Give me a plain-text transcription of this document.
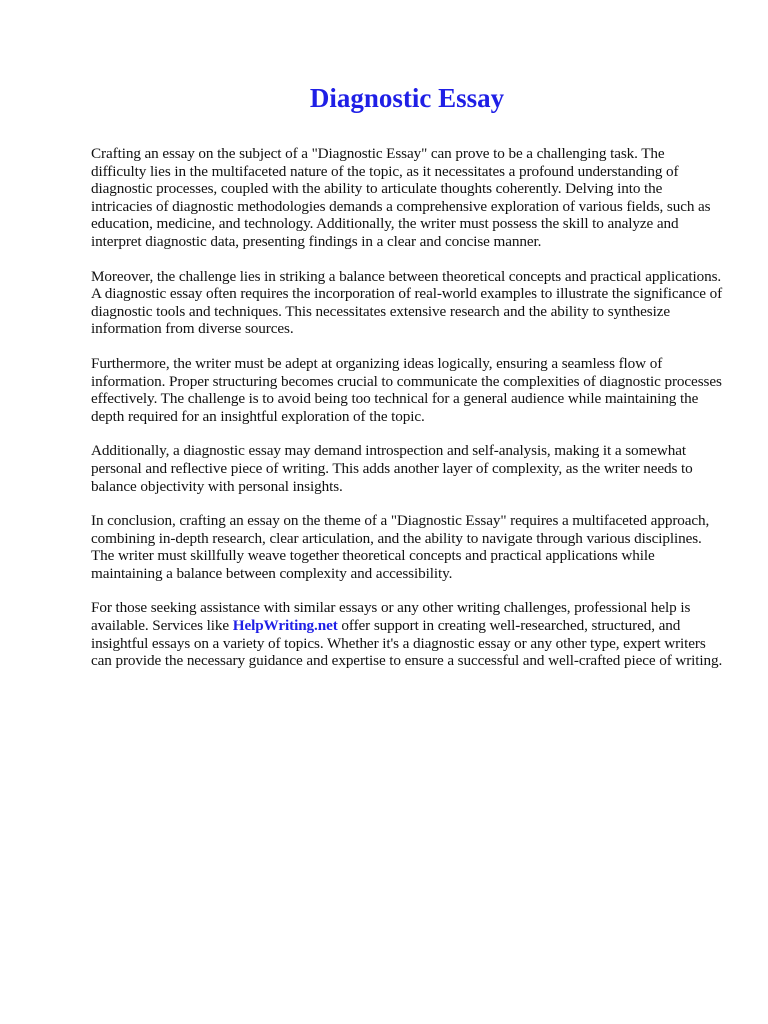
Diagnostic Essay

Crafting an essay on the subject of a "Diagnostic Essay" can prove to be a challenging task. The difficulty lies in the multifaceted nature of the topic, as it necessitates a profound understanding of diagnostic processes, coupled with the ability to articulate thoughts coherently. Delving into the intricacies of diagnostic methodologies demands a comprehensive exploration of various fields, such as education, medicine, and technology. Additionally, the writer must possess the skill to analyze and interpret diagnostic data, presenting findings in a clear and concise manner.

Moreover, the challenge lies in striking a balance between theoretical concepts and practical applications. A diagnostic essay often requires the incorporation of real-world examples to illustrate the significance of diagnostic tools and techniques. This necessitates extensive research and the ability to synthesize information from diverse sources.

Furthermore, the writer must be adept at organizing ideas logically, ensuring a seamless flow of information. Proper structuring becomes crucial to communicate the complexities of diagnostic processes effectively. The challenge is to avoid being too technical for a general audience while maintaining the depth required for an insightful exploration of the topic.

Additionally, a diagnostic essay may demand introspection and self-analysis, making it a somewhat personal and reflective piece of writing. This adds another layer of complexity, as the writer needs to balance objectivity with personal insights.

In conclusion, crafting an essay on the theme of a "Diagnostic Essay" requires a multifaceted approach, combining in-depth research, clear articulation, and the ability to navigate through various disciplines. The writer must skillfully weave together theoretical concepts and practical applications while maintaining a balance between complexity and accessibility.

For those seeking assistance with similar essays or any other writing challenges, professional help is available. Services like HelpWriting.net offer support in creating well-researched, structured, and insightful essays on a variety of topics. Whether it's a diagnostic essay or any other type, expert writers can provide the necessary guidance and expertise to ensure a successful and well-crafted piece of writing.
